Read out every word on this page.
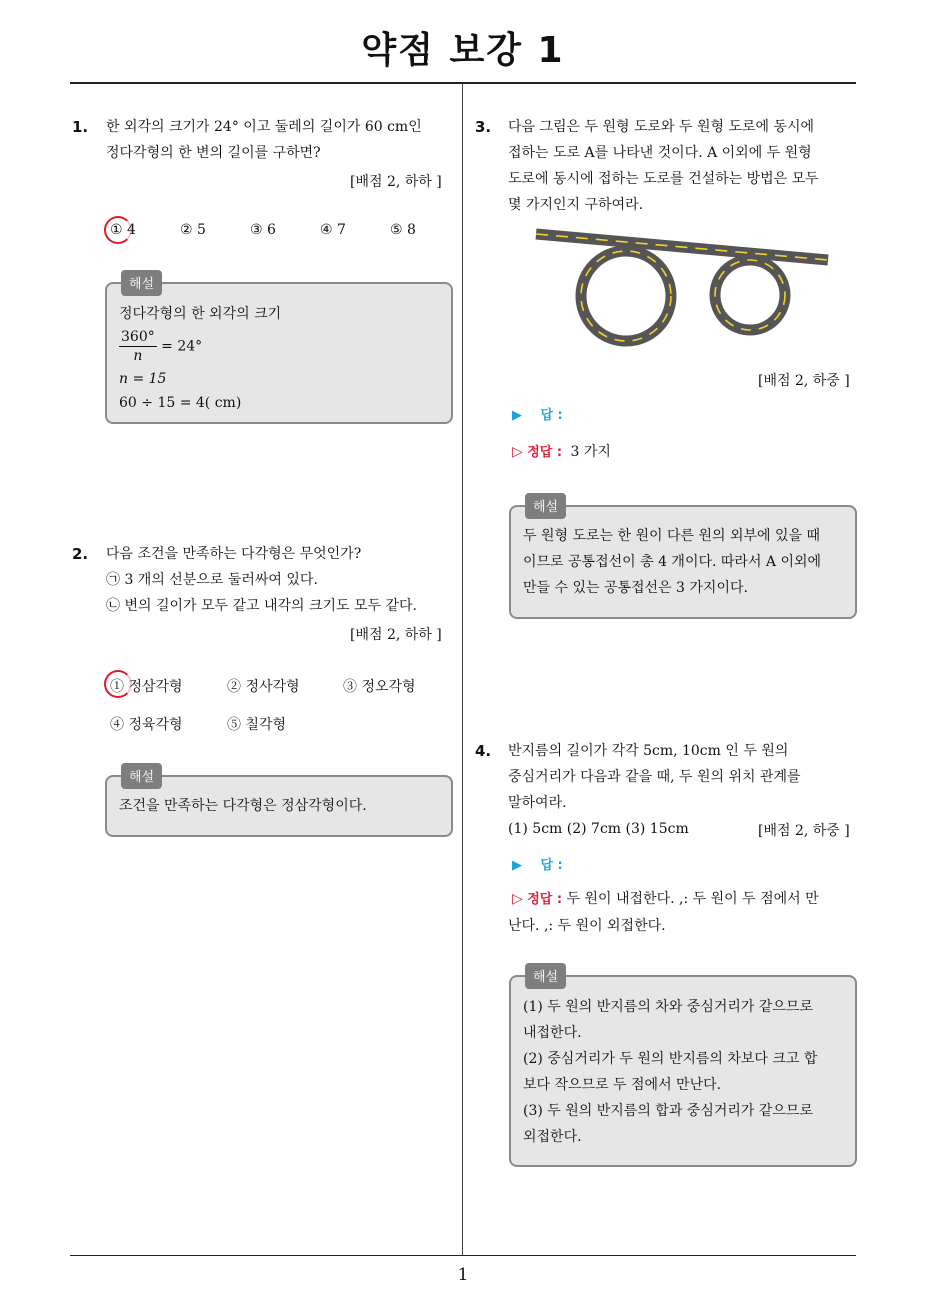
약점 보강 1
1
1. 한 외각의 크기가 24° 이고 둘레의 길이가 60 cm인

정다각형의 한 변의 길이를 구하면?

[배점 2, 하하 ]
① 4	② 5	③ 6	④ 7	⑤ 8
해설

정다각형의 한 외각의 크기

$\frac{360^\circ}{n} = 24^\circ$

n = 15

60 ÷ 15 = 4( cm)

2. 다음 조건을 만족하는 다각형은 무엇인가?

㉠ 3 개의 선분으로 둘러싸여 있다.

㉡ 변의 길이가 모두 같고 내각의 크기도 모두 같다.

[배점 2, 하하 ]
① 정삼각형	② 정사각형	③ 정오각형
④ 정육각형	⑤ 칠각형
해설

조건을 만족하는 다각형은 정삼각형이다.

3. 다음 그림은 두 원형 도로와 두 원형 도로에 동시에

접하는 도로 A를 나타낸 것이다. A 이외에 두 원형

도로에 동시에 접하는 도로를 건설하는 방법은 모두

몇 가지인지 구하여라.

[배점 2, 하중 ]
▶ 답 :
▷ 정답 : 3 가지
해설

두 원형 도로는 한 원이 다른 원의 외부에 있을 때

이므로 공통접선이 총 4 개이다. 따라서 A 이외에

만들 수 있는 공통접선은 3 가지이다.

4. 반지름의 길이가 각각 5cm, 10cm 인 두 원의

중심거리가 다음과 같을 때, 두 원의 위치 관계를

말하여라.

(1) 5cm (2) 7cm (3) 15cm	[배점 2, 하중 ]
▶ 답 :

▷ 정답 : 두 원이 내접한다. ,: 두 원이 두 점에서 만

난다. ,: 두 원이 외접한다.

해설

(1) 두 원의 반지름의 차와 중심거리가 같으므로

내접한다.

(2) 중심거리가 두 원의 반지름의 차보다 크고 합

보다 작으므로 두 점에서 만난다.

(3) 두 원의 반지름의 합과 중심거리가 같으므로

외접한다.
